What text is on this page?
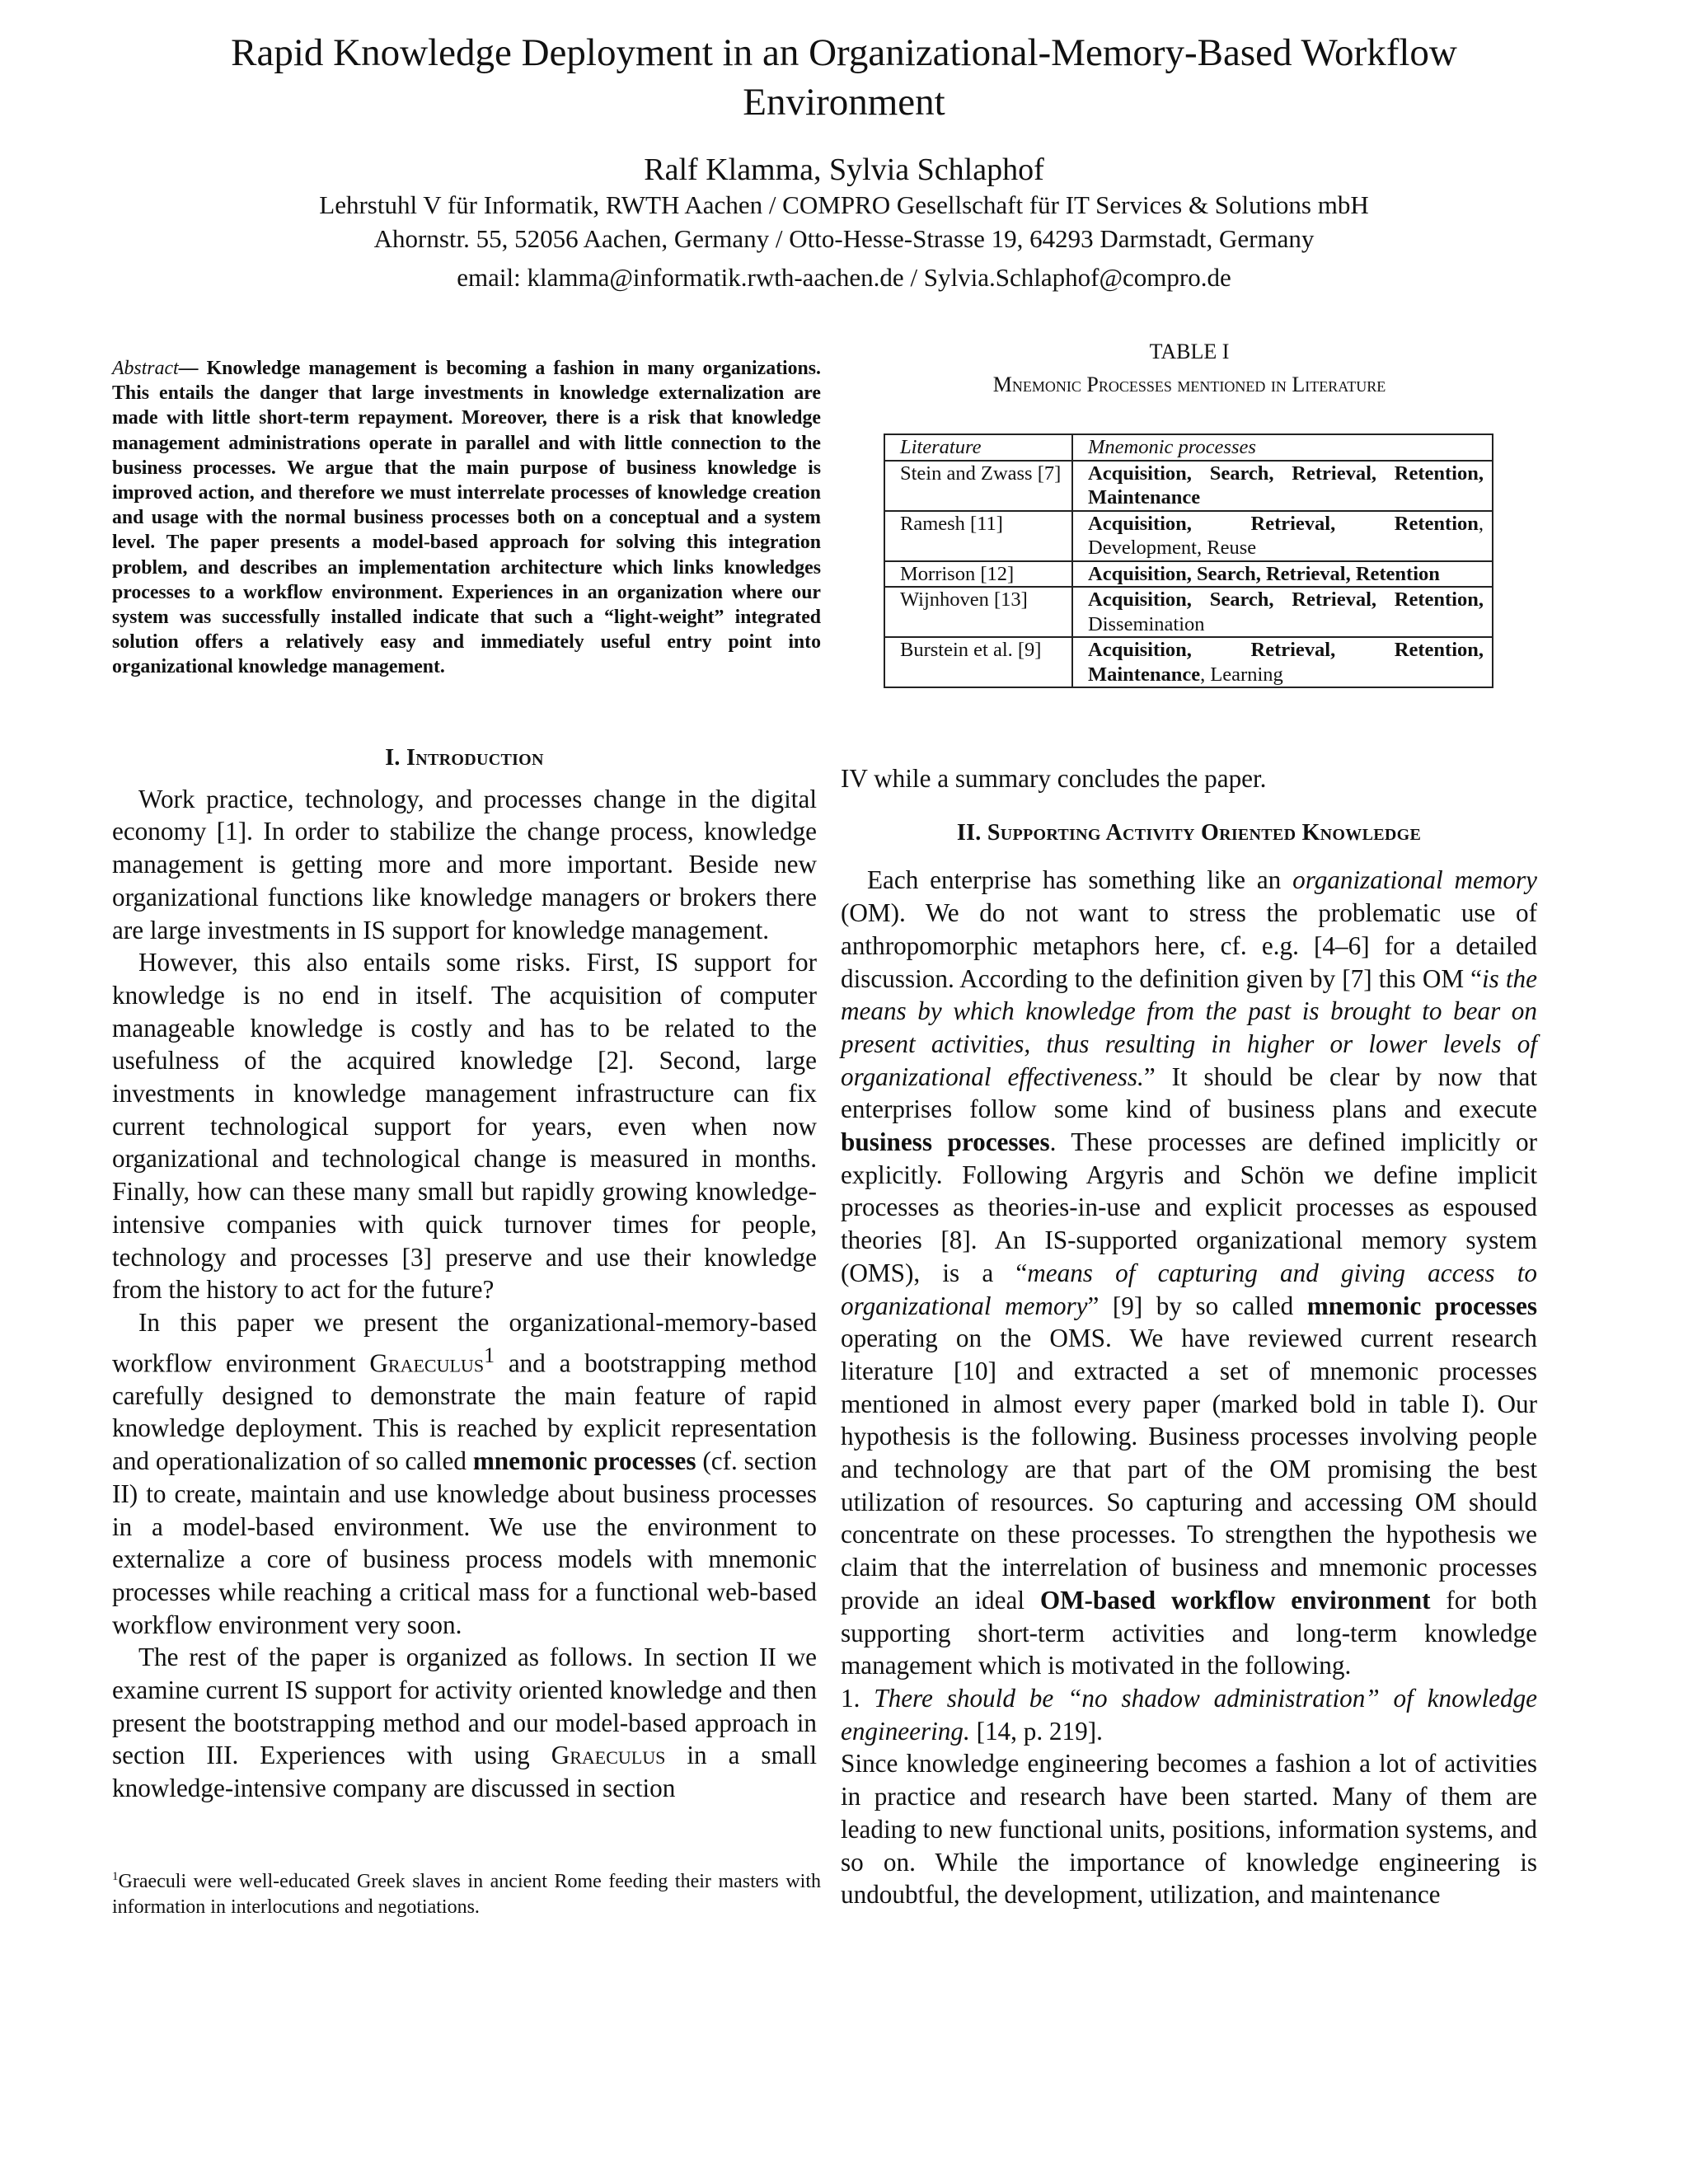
Rapid Knowledge Deployment in an Organizational-Memory-Based Workflow
Environment
Ralf Klamma, Sylvia Schlaphof
Lehrstuhl V für Informatik, RWTH Aachen / COMPRO Gesellschaft für IT Services & Solutions mbH
Ahornstr. 55, 52056 Aachen, Germany / Otto-Hesse-Strasse 19, 64293 Darmstadt, Germany
email: klamma@informatik.rwth-aachen.de / Sylvia.Schlaphof@compro.de
Abstract— Knowledge management is becoming a fashion in many organizations. This entails the danger that large investments in knowledge externalization are made with little short-term repayment. Moreover, there is a risk that knowledge management administrations operate in parallel and with little connection to the business processes. We argue that the main purpose of business knowledge is improved action, and therefore we must interrelate processes of knowledge creation and usage with the normal business processes both on a conceptual and a system level. The paper presents a model-based approach for solving this integration problem, and describes an implementation architecture which links knowledges processes to a workflow environment. Experiences in an organization where our system was successfully installed indicate that such a “light-weight” integrated solution offers a relatively easy and immediately useful entry point into organizational knowledge management.
TABLE I
Mnemonic Processes mentioned in Literature
Literature	Mnemonic processes
Stein and Zwass [7]	Acquisition, Search, Retrieval, Retention, Maintenance
Ramesh [11]	Acquisition, Retrieval, Retention, Development, Reuse
Morrison [12]	Acquisition, Search, Retrieval, Retention
Wijnhoven [13]	Acquisition, Search, Retrieval, Retention, Dissemination
Burstein et al. [9]	Acquisition, Retrieval, Retention, Maintenance, Learning
I. Introduction

Work practice, technology, and processes change in the digital economy [1]. In order to stabilize the change process, knowledge management is getting more and more important. Beside new organizational functions like knowledge managers or brokers there are large investments in IS support for knowledge management.

However, this also entails some risks. First, IS support for knowledge is no end in itself. The acquisition of computer manageable knowledge is costly and has to be related to the usefulness of the acquired knowledge [2]. Second, large investments in knowledge management infrastructure can fix current technological support for years, even when now organizational and technological change is measured in months. Finally, how can these many small but rapidly growing knowledge-intensive companies with quick turnover times for people, technology and processes [3] preserve and use their knowledge from the history to act for the future?

In this paper we present the organizational-memory-based workflow environment Graeculus$^1$ and a bootstrapping method carefully designed to demonstrate the main feature of rapid knowledge deployment. This is reached by explicit representation and operationalization of so called mnemonic processes (cf. section II) to create, maintain and use knowledge about business processes in a model-based environment. We use the environment to externalize a core of business process models with mnemonic processes while reaching a critical mass for a functional web-based workflow environment very soon.

The rest of the paper is organized as follows. In section II we examine current IS support for activity oriented knowledge and then present the bootstrapping method and our model-based approach in section III. Experiences with using Graeculus in a small knowledge-intensive company are discussed in section

$^1$Graeculi were well-educated Greek slaves in ancient Rome feeding their masters with information in interlocutions and negotiations.

IV while a summary concludes the paper.

II. Supporting Activity Oriented Knowledge

Each enterprise has something like an organizational memory (OM). We do not want to stress the problematic use of anthropomorphic metaphors here, cf. e.g. [4–6] for a detailed discussion. According to the definition given by [7] this OM “is the means by which knowledge from the past is brought to bear on present activities, thus resulting in higher or lower levels of organizational effectiveness.” It should be clear by now that enterprises follow some kind of business plans and execute business processes. These processes are defined implicitly or explicitly. Following Argyris and Schön we define implicit processes as theories-in-use and explicit processes as espoused theories [8]. An IS-supported organizational memory system (OMS), is a “means of capturing and giving access to organizational memory” [9] by so called mnemonic processes operating on the OMS. We have reviewed current research literature [10] and extracted a set of mnemonic processes mentioned in almost every paper (marked bold in table I). Our hypothesis is the following. Business processes involving people and technology are that part of the OM promising the best utilization of resources. So capturing and accessing OM should concentrate on these processes. To strengthen the hypothesis we claim that the interrelation of business and mnemonic processes provide an ideal OM-based workflow environment for both supporting short-term activities and long-term knowledge management which is motivated in the following.

1. There should be “no shadow administration” of knowledge engineering. [14, p. 219].

Since knowledge engineering becomes a fashion a lot of activities in practice and research have been started. Many of them are leading to new functional units, positions, information systems, and so on. While the importance of knowledge engineering is undoubtful, the development, utilization, and maintenance
